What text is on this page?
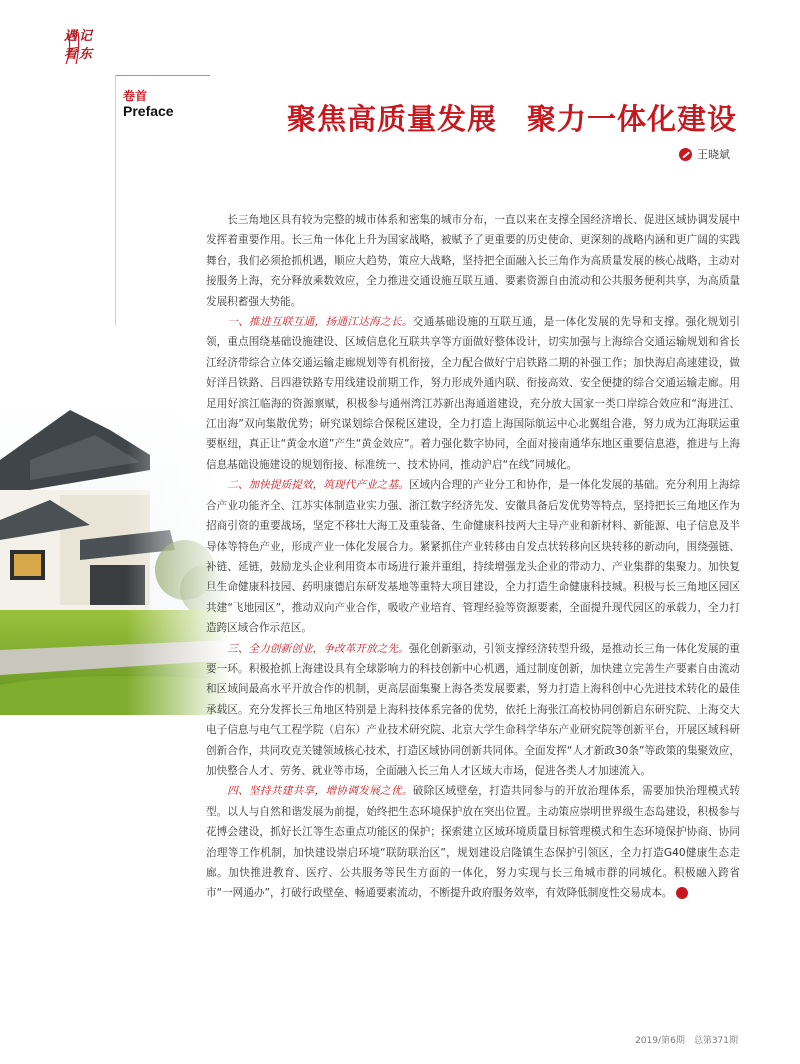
遇记 看东
卷首
Preface	聚焦高质量发展　聚力一体化建设
王晓斌

长三角地区具有较为完整的城市体系和密集的城市分布，一直以来在支撑全国经济增长、促进区域协调发展中发挥着重要作用。长三角一体化上升为国家战略，被赋予了更重要的历史使命、更深刻的战略内涵和更广阔的实践舞台，我们必须抢抓机遇，顺应大趋势，策应大战略，坚持把全面融入长三角作为高质量发展的核心战略，主动对接服务上海，充分释放乘数效应，全力推进交通设施互联互通、要素资源自由流动和公共服务便利共享，为高质量发展积蓄强大势能。

一、推进互联互通，扬通江达海之长。交通基础设施的互联互通，是一体化发展的先导和支撑。强化规划引领，重点围绕基础设施建设、区域信息化互联共享等方面做好整体设计，切实加强与上海综合交通运输规划和省长江经济带综合立体交通运输走廊规划等有机衔接，全力配合做好宁启铁路二期的补强工作；加快海启高速建设，做好洋吕铁路、吕四港铁路专用线建设前期工作，努力形成外通内联、衔接高效、安全便捷的综合交通运输走廊。用足用好滨江临海的资源禀赋，积极参与通州湾江苏新出海通道建设，充分放大国家一类口岸综合效应和“海进江、江出海”双向集散优势；研究谋划综合保税区建设，全力打造上海国际航运中心北翼组合港，努力成为江海联运重要枢纽，真正让“黄金水道”产生“黄金效应”。着力强化数字协同，全面对接南通华东地区重要信息港，推进与上海信息基础设施建设的规划衔接、标准统一、技术协同，推动沪启“在线”同城化。

二、加快提质提效，筑现代产业之基。区域内合理的产业分工和协作，是一体化发展的基础。充分利用上海综合产业功能齐全、江苏实体制造业实力强、浙江数字经济先发、安徽具备后发优势等特点，坚持把长三角地区作为招商引资的重要战场，坚定不移壮大海工及重装备、生命健康科技两大主导产业和新材料、新能源、电子信息及半导体等特色产业，形成产业一体化发展合力。紧紧抓住产业转移由自发点状转移向区块转移的新动向，围绕强链、补链、延链，鼓励龙头企业利用资本市场进行兼并重组，持续增强龙头企业的带动力、产业集群的集聚力。加快复旦生命健康科技园、药明康德启东研发基地等重特大项目建设，全力打造生命健康科技城。积极与长三角地区园区共建“飞地园区”，推动双向产业合作，吸收产业培育、管理经验等资源要素，全面提升现代园区的承载力，全力打造跨区域合作示范区。

三、全力创新创业，争改革开放之先。强化创新驱动，引领支撑经济转型升级，是推动长三角一体化发展的重要一环。积极抢抓上海建设具有全球影响力的科技创新中心机遇，通过制度创新，加快建立完善生产要素自由流动和区域间最高水平开放合作的机制，更高层面集聚上海各类发展要素，努力打造上海科创中心先进技术转化的最佳承载区。充分发挥长三角地区特别是上海科技体系完备的优势，依托上海张江高校协同创新启东研究院、上海交大电子信息与电气工程学院（启东）产业技术研究院、北京大学生命科学华东产业研究院等创新平台，开展区域科研创新合作，共同攻克关键领域核心技术，打造区域协同创新共同体。全面发挥“人才新政30条”等政策的集聚效应，加快整合人才、劳务、就业等市场，全面融入长三角人才区域大市场，促进各类人才加速流入。

四、坚持共建共享，增协调发展之优。破除区域壁垒，打造共同参与的开放治理体系，需要加快治理模式转型。以人与自然和谐发展为前提，始终把生态环境保护放在突出位置。主动策应崇明世界级生态岛建设，积极参与花博会建设，抓好长江等生态重点功能区的保护；探索建立区域环境质量目标管理模式和生态环境保护协商、协同治理等工作机制，加快建设崇启环境“联防联治区”，规划建设启隆镇生态保护引领区，全力打造G40健康生态走廊。加快推进教育、医疗、公共服务等民生方面的一体化，努力实现与长三角城市群的同城化。积极融入跨省市“一网通办”，打破行政壁垒、畅通要素流动，不断提升政府服务效率，有效降低制度性交易成本。

2019/第6期　总第371期
